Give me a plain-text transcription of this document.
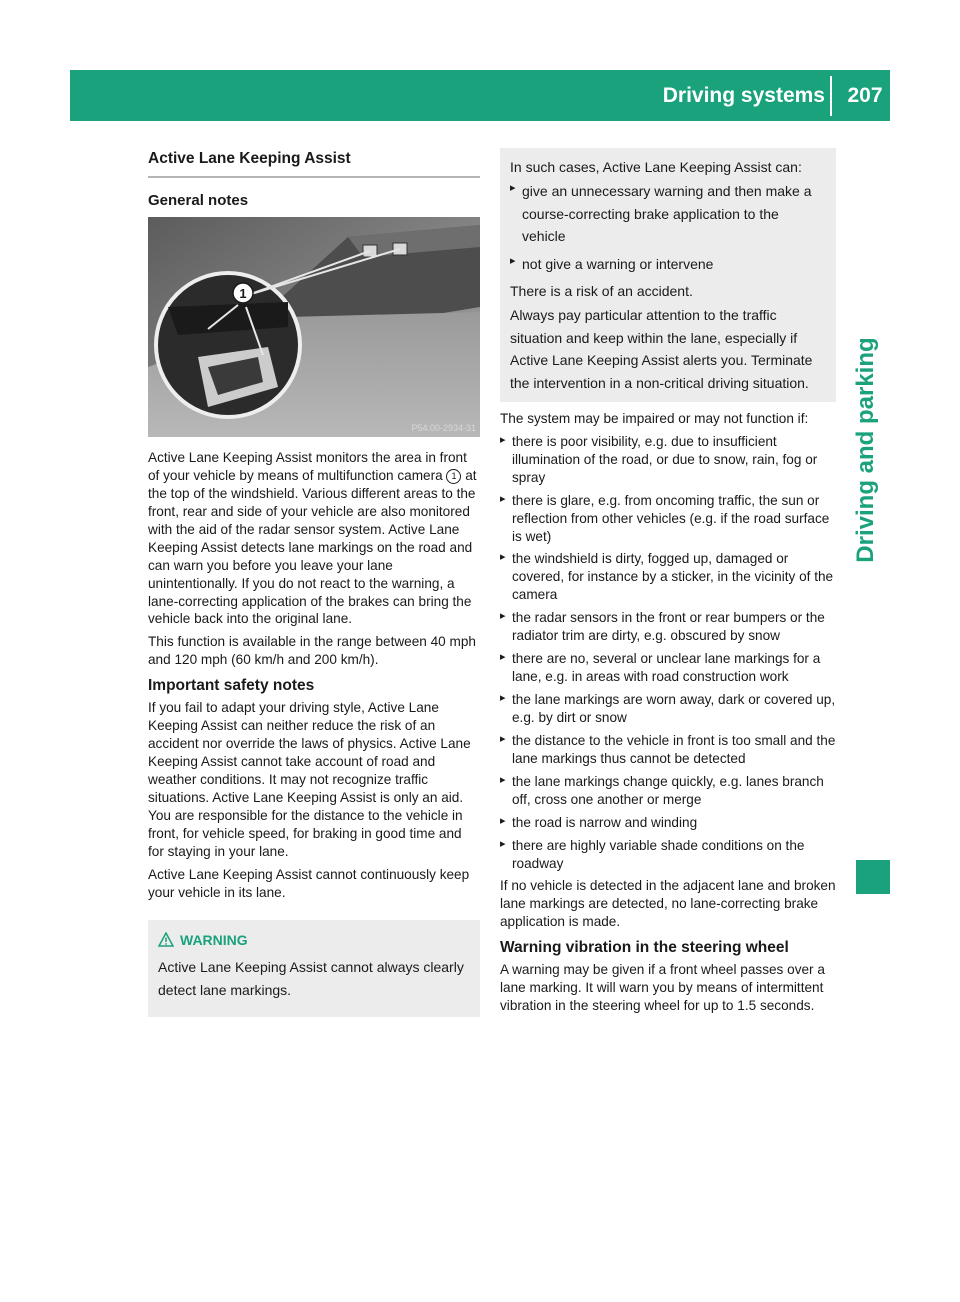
Driving systems	207
Driving and parking
Active Lane Keeping Assist
General notes
1
P54.00-2934-31

Active Lane Keeping Assist monitors the area in front of your vehicle by means of multifunction camera 1 at the top of the windshield. Various different areas to the front, rear and side of your vehicle are also monitored with the aid of the radar sensor system. Active Lane Keeping Assist detects lane markings on the road and can warn you before you leave your lane unintentionally. If you do not react to the warning, a lane-correcting application of the brakes can bring the vehicle back into the original lane.

This function is available in the range between 40 mph and 120 mph (60 km/h and 200 km/h).

Important safety notes

If you fail to adapt your driving style, Active Lane Keeping Assist can neither reduce the risk of an accident nor override the laws of physics. Active Lane Keeping Assist cannot take account of road and weather conditions. It may not recognize traffic situations. Active Lane Keeping Assist is only an aid. You are responsible for the distance to the vehicle in front, for vehicle speed, for braking in good time and for staying in your lane.

Active Lane Keeping Assist cannot continuously keep your vehicle in its lane.

WARNING

Active Lane Keeping Assist cannot always clearly detect lane markings.

In such cases, Active Lane Keeping Assist can:

▸ give an unnecessary warning and then make a course-correcting brake application to the vehicle
▸ not give a warning or intervene

There is a risk of an accident.

Always pay particular attention to the traffic situation and keep within the lane, especially if Active Lane Keeping Assist alerts you. Terminate the intervention in a non-critical driving situation.

The system may be impaired or may not function if:

▸ there is poor visibility, e.g. due to insufficient illumination of the road, or due to snow, rain, fog or spray
▸ there is glare, e.g. from oncoming traffic, the sun or reflection from other vehicles (e.g. if the road surface is wet)
▸ the windshield is dirty, fogged up, damaged or covered, for instance by a sticker, in the vicinity of the camera
▸ the radar sensors in the front or rear bumpers or the radiator trim are dirty, e.g. obscured by snow
▸ there are no, several or unclear lane markings for a lane, e.g. in areas with road construction work
▸ the lane markings are worn away, dark or covered up, e.g. by dirt or snow
▸ the distance to the vehicle in front is too small and the lane markings thus cannot be detected
▸ the lane markings change quickly, e.g. lanes branch off, cross one another or merge
▸ the road is narrow and winding
▸ there are highly variable shade conditions on the roadway

If no vehicle is detected in the adjacent lane and broken lane markings are detected, no lane-correcting brake application is made.

Warning vibration in the steering wheel

A warning may be given if a front wheel passes over a lane marking. It will warn you by means of intermittent vibration in the steering wheel for up to 1.5 seconds.
